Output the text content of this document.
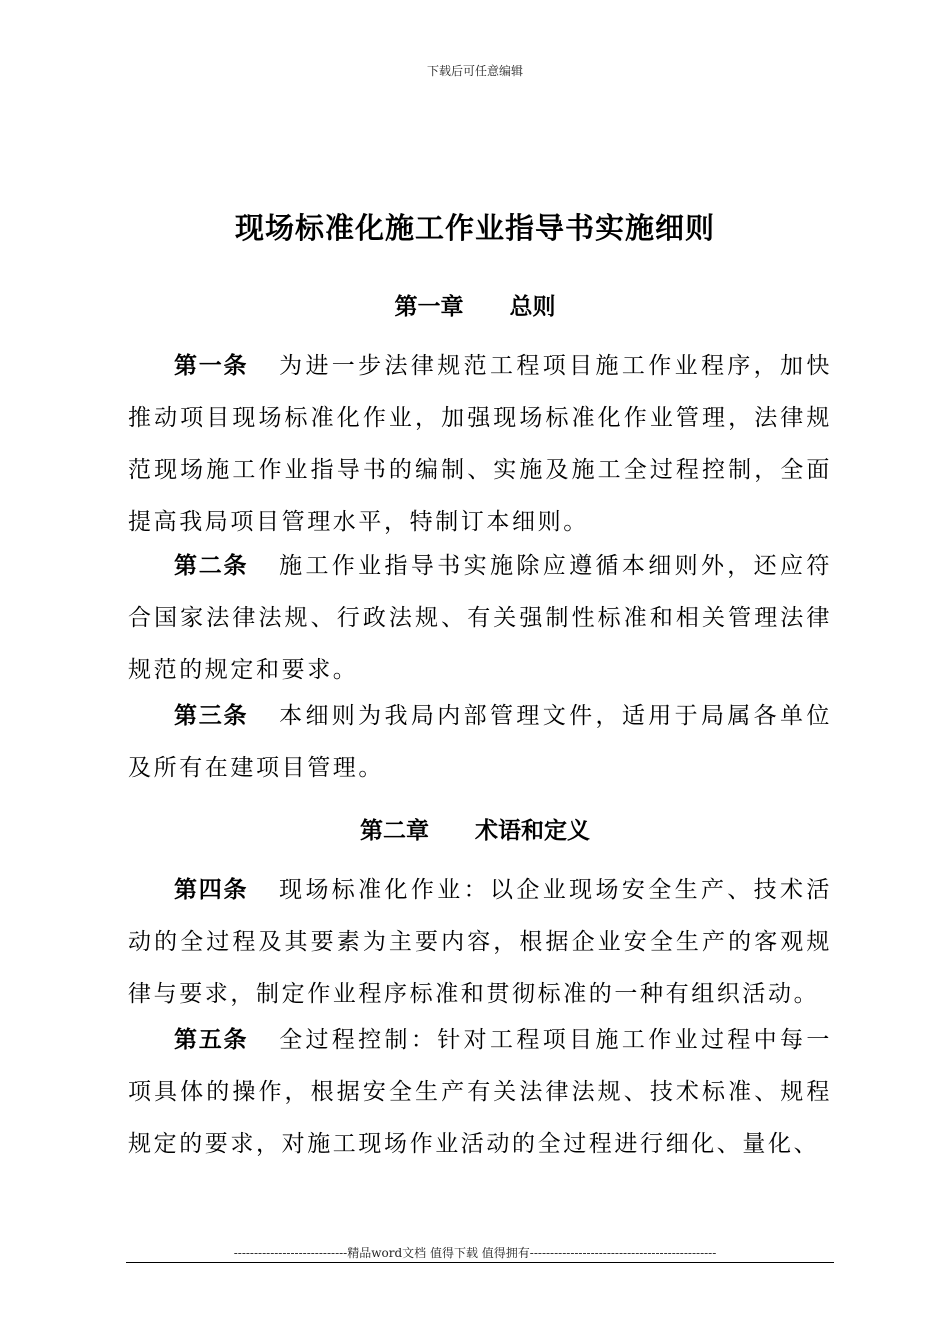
下载后可任意编辑
现场标准化施工作业指导书实施细则
第一章 总则

第一条 为进一步法律规范工程项目施工作业程序，加快推动项目现场标准化作业，加强现场标准化作业管理，法律规范现场施工作业指导书的编制、实施及施工全过程控制，全面提高我局项目管理水平，特制订本细则。

第二条 施工作业指导书实施除应遵循本细则外，还应符合国家法律法规、行政法规、有关强制性标准和相关管理法律规范的规定和要求。

第三条 本细则为我局内部管理文件，适用于局属各单位及所有在建项目管理。

第二章 术语和定义

第四条 现场标准化作业：以企业现场安全生产、技术活动的全过程及其要素为主要内容，根据企业安全生产的客观规律与要求，制定作业程序标准和贯彻标准的一种有组织活动。

第五条 全过程控制：针对工程项目施工作业过程中每一项具体的操作，根据安全生产有关法律法规、技术标准、规程规定的要求，对施工现场作业活动的全过程进行细化、量化、

----------------------------精品word文档 值得下载 值得拥有----------------------------------------------
